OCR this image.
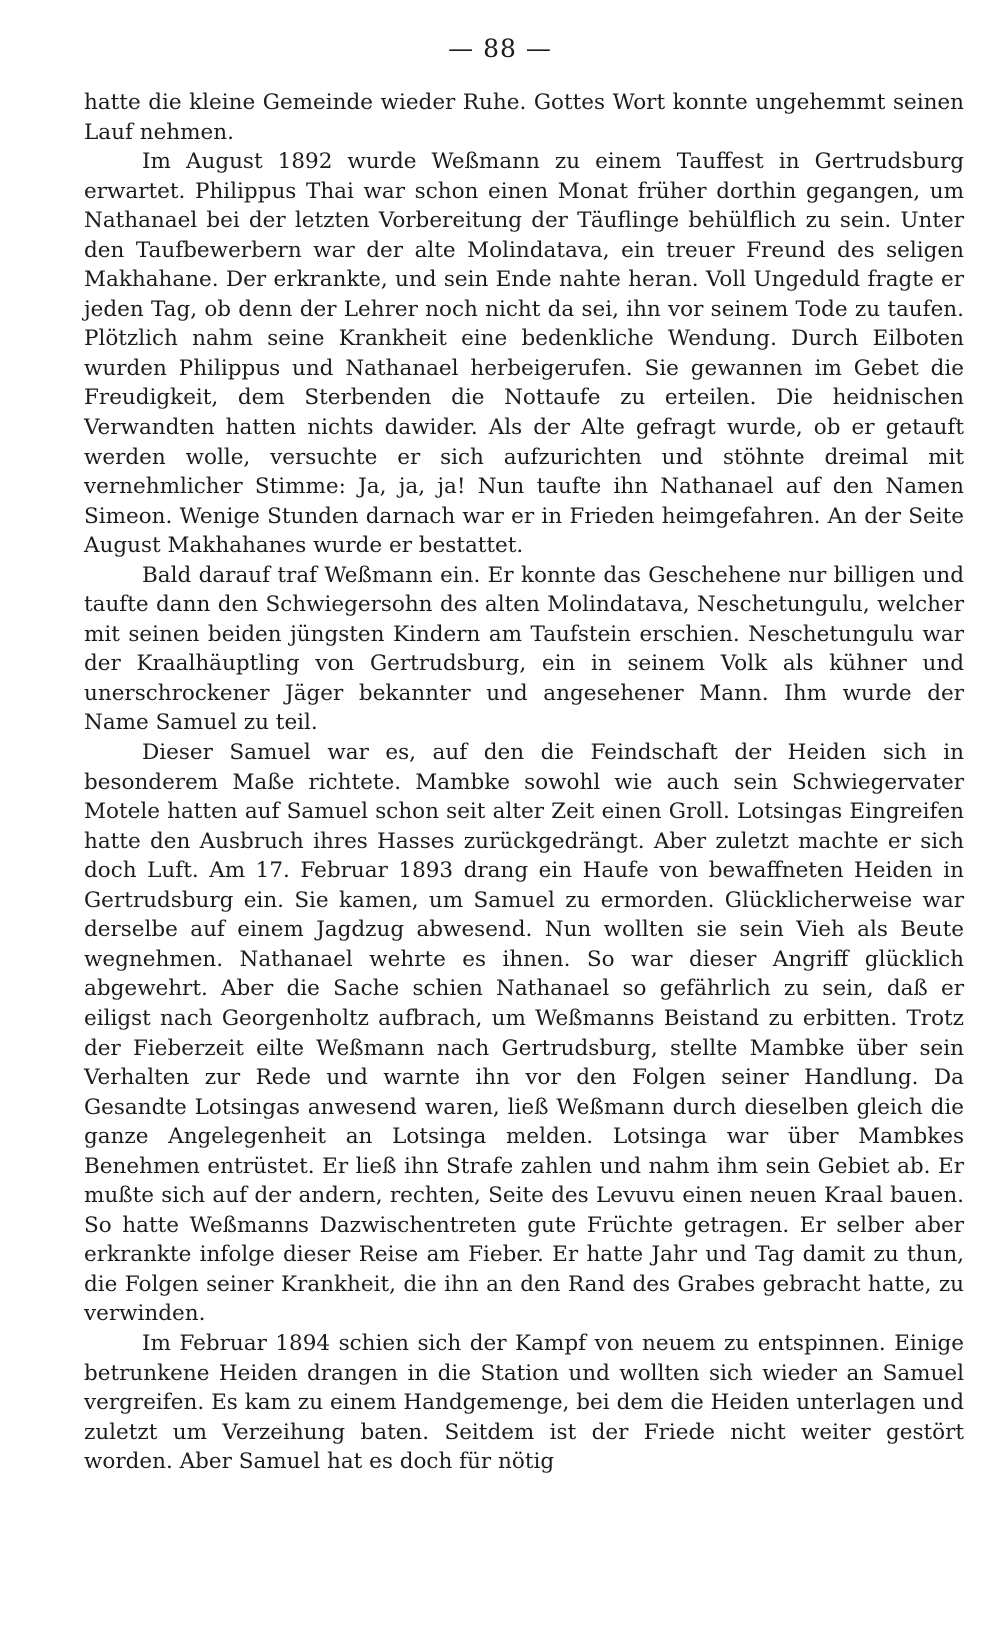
— 88 —

hatte die kleine Gemeinde wieder Ruhe. Gottes Wort konnte ungehemmt seinen Lauf nehmen.

Im August 1892 wurde Weßmann zu einem Tauffest in Gertrudsburg erwartet. Philippus Thai war schon einen Monat früher dorthin gegangen, um Nathanael bei der letzten Vorbereitung der Täuflinge behülflich zu sein. Unter den Taufbewerbern war der alte Molindatava, ein treuer Freund des seligen Makhahane. Der erkrankte, und sein Ende nahte heran. Voll Ungeduld fragte er jeden Tag, ob denn der Lehrer noch nicht da sei, ihn vor seinem Tode zu taufen. Plötzlich nahm seine Krankheit eine bedenkliche Wendung. Durch Eilboten wurden Philippus und Nathanael herbeigerufen. Sie gewannen im Gebet die Freudigkeit, dem Sterbenden die Nottaufe zu erteilen. Die heidnischen Verwandten hatten nichts dawider. Als der Alte gefragt wurde, ob er getauft werden wolle, versuchte er sich aufzurichten und stöhnte dreimal mit vernehmlicher Stimme: Ja, ja, ja! Nun taufte ihn Nathanael auf den Namen Simeon. Wenige Stunden darnach war er in Frieden heimgefahren. An der Seite August Makhahanes wurde er bestattet.

Bald darauf traf Weßmann ein. Er konnte das Geschehene nur billigen und taufte dann den Schwiegersohn des alten Molindatava, Neschetungulu, welcher mit seinen beiden jüngsten Kindern am Taufstein erschien. Neschetungulu war der Kraalhäuptling von Gertrudsburg, ein in seinem Volk als kühner und unerschrockener Jäger bekannter und angesehener Mann. Ihm wurde der Name Samuel zu teil.

Dieser Samuel war es, auf den die Feindschaft der Heiden sich in besonderem Maße richtete. Mambke sowohl wie auch sein Schwiegervater Motele hatten auf Samuel schon seit alter Zeit einen Groll. Lotsingas Eingreifen hatte den Ausbruch ihres Hasses zurückgedrängt. Aber zuletzt machte er sich doch Luft. Am 17. Februar 1893 drang ein Haufe von bewaffneten Heiden in Gertrudsburg ein. Sie kamen, um Samuel zu ermorden. Glücklicherweise war derselbe auf einem Jagdzug abwesend. Nun wollten sie sein Vieh als Beute wegnehmen. Nathanael wehrte es ihnen. So war dieser Angriff glücklich abgewehrt. Aber die Sache schien Nathanael so gefährlich zu sein, daß er eiligst nach Georgenholtz aufbrach, um Weßmanns Beistand zu erbitten. Trotz der Fieberzeit eilte Weßmann nach Gertrudsburg, stellte Mambke über sein Verhalten zur Rede und warnte ihn vor den Folgen seiner Handlung. Da Gesandte Lotsingas anwesend waren, ließ Weßmann durch dieselben gleich die ganze Angelegenheit an Lotsinga melden. Lotsinga war über Mambkes Benehmen entrüstet. Er ließ ihn Strafe zahlen und nahm ihm sein Gebiet ab. Er mußte sich auf der andern, rechten, Seite des Levuvu einen neuen Kraal bauen. So hatte Weßmanns Dazwischentreten gute Früchte getragen. Er selber aber erkrankte infolge dieser Reise am Fieber. Er hatte Jahr und Tag damit zu thun, die Folgen seiner Krankheit, die ihn an den Rand des Grabes gebracht hatte, zu verwinden.

Im Februar 1894 schien sich der Kampf von neuem zu entspinnen. Einige betrunkene Heiden drangen in die Station und wollten sich wieder an Samuel vergreifen. Es kam zu einem Handgemenge, bei dem die Heiden unterlagen und zuletzt um Verzeihung baten. Seitdem ist der Friede nicht weiter gestört worden. Aber Samuel hat es doch für nötig
